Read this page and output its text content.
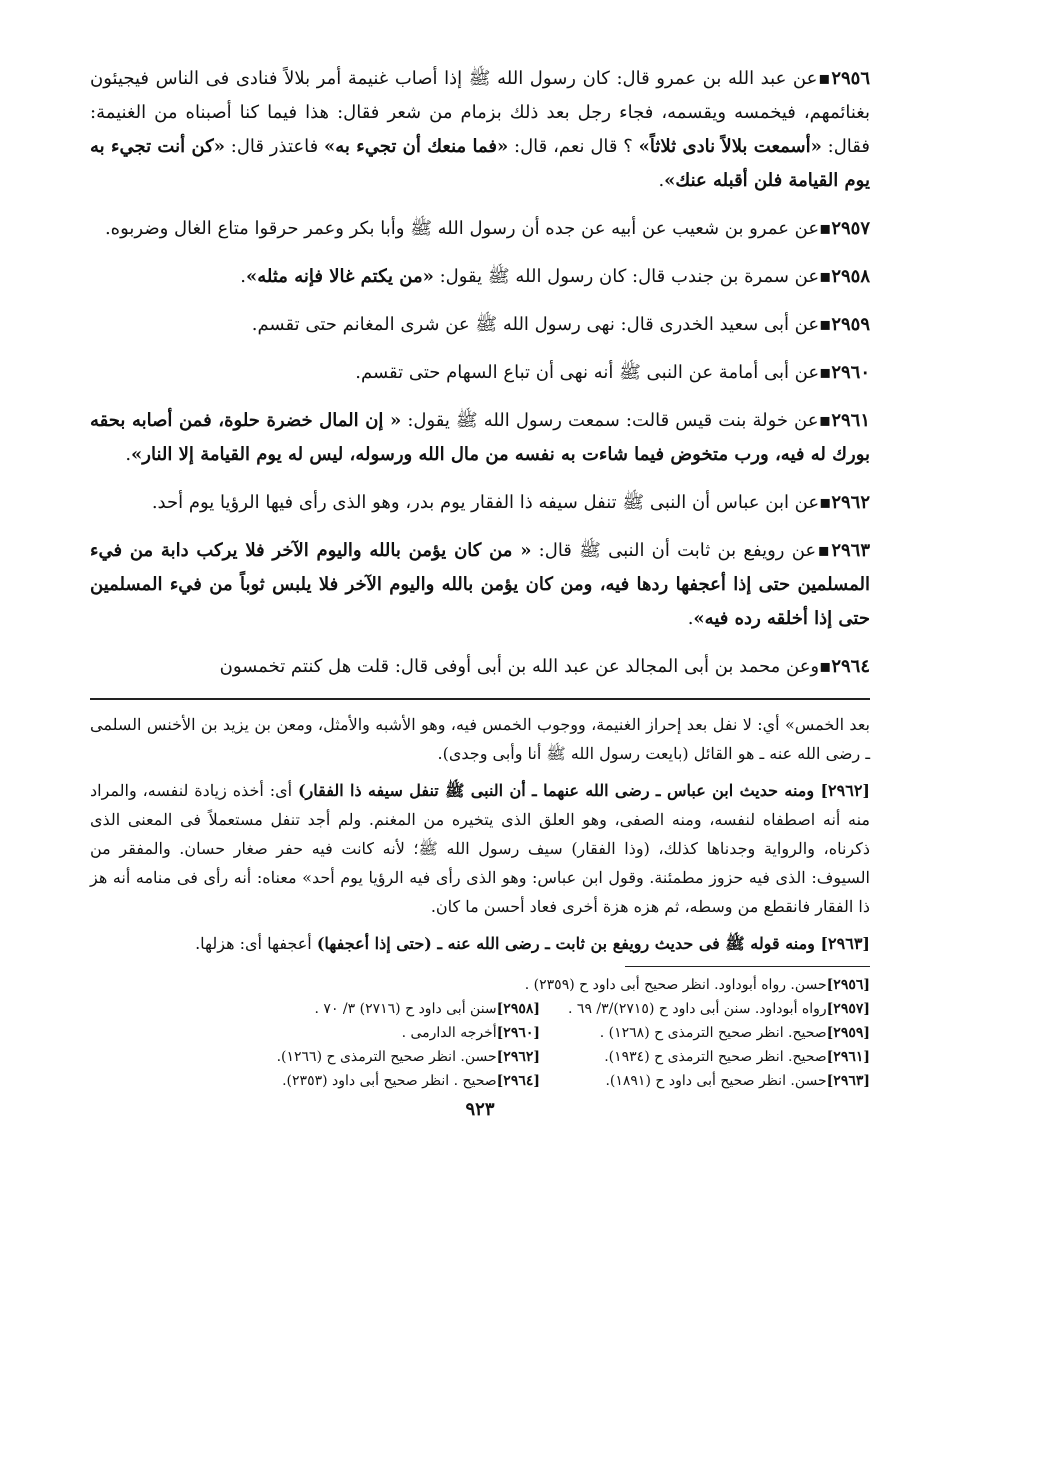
٢٩٥٦▪عن عبد الله بن عمرو قال: كان رسول الله ﷺ إذا أصاب غنيمة أمر بلالاً فنادى فى الناس فيجيئون بغنائمهم، فيخمسه ويقسمه، فجاء رجل بعد ذلك بزمام من شعر فقال: هذا فيما كنا أصبناه من الغنيمة: فقال: «أسمعت بلالاً نادى ثلاثاً» ؟ قال نعم، قال: «فما منعك أن تجيء به» فاعتذر قال: «كن أنت تجيء به يوم القيامة فلن أقبله عنك».

٢٩٥٧▪عن عمرو بن شعيب عن أبيه عن جده أن رسول الله ﷺ وأبا بكر وعمر حرقوا متاع الغال وضربوه.

٢٩٥٨▪عن سمرة بن جندب قال: كان رسول الله ﷺ يقول: «من يكتم غالا فإنه مثله».

٢٩٥٩▪عن أبى سعيد الخدرى قال: نهى رسول الله ﷺ عن شرى المغانم حتى تقسم.

٢٩٦٠▪عن أبى أمامة عن النبى ﷺ أنه نهى أن تباع السهام حتى تقسم.

٢٩٦١▪عن خولة بنت قيس قالت: سمعت رسول الله ﷺ يقول: « إن المال خضرة حلوة، فمن أصابه بحقه بورك له فيه، ورب متخوض فيما شاءت به نفسه من مال الله ورسوله، ليس له يوم القيامة إلا النار».

٢٩٦٢▪عن ابن عباس أن النبى ﷺ تنفل سيفه ذا الفقار يوم بدر، وهو الذى رأى فيها الرؤيا يوم أحد.

٢٩٦٣▪عن رويفع بن ثابت أن النبى ﷺ قال: « من كان يؤمن بالله واليوم الآخر فلا يركب دابة من فيء المسلمين حتى إذا أعجفها ردها فيه، ومن كان يؤمن بالله واليوم الآخر فلا يلبس ثوباً من فيء المسلمين حتى إذا أخلقه رده فيه».

٢٩٦٤▪وعن محمد بن أبى المجالد عن عبد الله بن أبى أوفى قال: قلت هل كنتم تخمسون

بعد الخمس» أي: لا نفل بعد إحراز الغنيمة، ووجوب الخمس فيه، وهو الأشبه والأمثل، ومعن بن يزيد بن الأخنس السلمى ـ رضى الله عنه ـ هو القائل (بايعت رسول الله ﷺ أنا وأبى وجدى).

[٢٩٦٢] ومنه حديث ابن عباس ـ رضى الله عنهما ـ أن النبى ﷺ تنفل سيفه ذا الفقار) أى: أخذه زيادة لنفسه، والمراد منه أنه اصطفاه لنفسه، ومنه الصفى، وهو العلق الذى يتخيره من المغنم. ولم أجد تنفل مستعملاً فى المعنى الذى ذكرناه، والرواية وجدناها كذلك، (وذا الفقار) سيف رسول الله ﷺ؛ لأنه كانت فيه حفر صغار حسان. والمفقر من السيوف: الذى فيه حزوز مطمئنة. وقول ابن عباس: وهو الذى رأى فيه الرؤيا يوم أحد» معناه: أنه رأى فى منامه أنه هز ذا الفقار فانقطع من وسطه، ثم هزه هزة أخرى فعاد أحسن ما كان.

[٢٩٦٣] ومنه قوله ﷺ فى حديث رويفع بن ثابت ـ رضى الله عنه ـ (حتى إذا أعجفها) أعجفها أى: هزلها.

[٢٩٥٦]حسن. رواه أبوداود. انظر صحيح أبى داود ح (٢٣٥٩) .
[٢٩٥٧]رواه أبوداود. سنن أبى داود ح (٢٧١٥)/٣/ ٦٩ .
[٢٩٥٨]سنن أبى داود ح (٢٧١٦) ٣/ ٧٠ .
[٢٩٥٩]صحيح. انظر صحيح الترمذى ح (١٢٦٨) .
[٢٩٦٠]أخرجه الدارمى .
[٢٩٦١]صحيح. انظر صحيح الترمذى ح (١٩٣٤).
[٢٩٦٢]حسن. انظر صحيح الترمذى ح (١٢٦٦).
[٢٩٦٣]حسن. انظر صحيح أبى داود ح (١٨٩١).
[٢٩٦٤]صحيح . انظر صحيح أبى داود (٢٣٥٣).
٩٢٣
